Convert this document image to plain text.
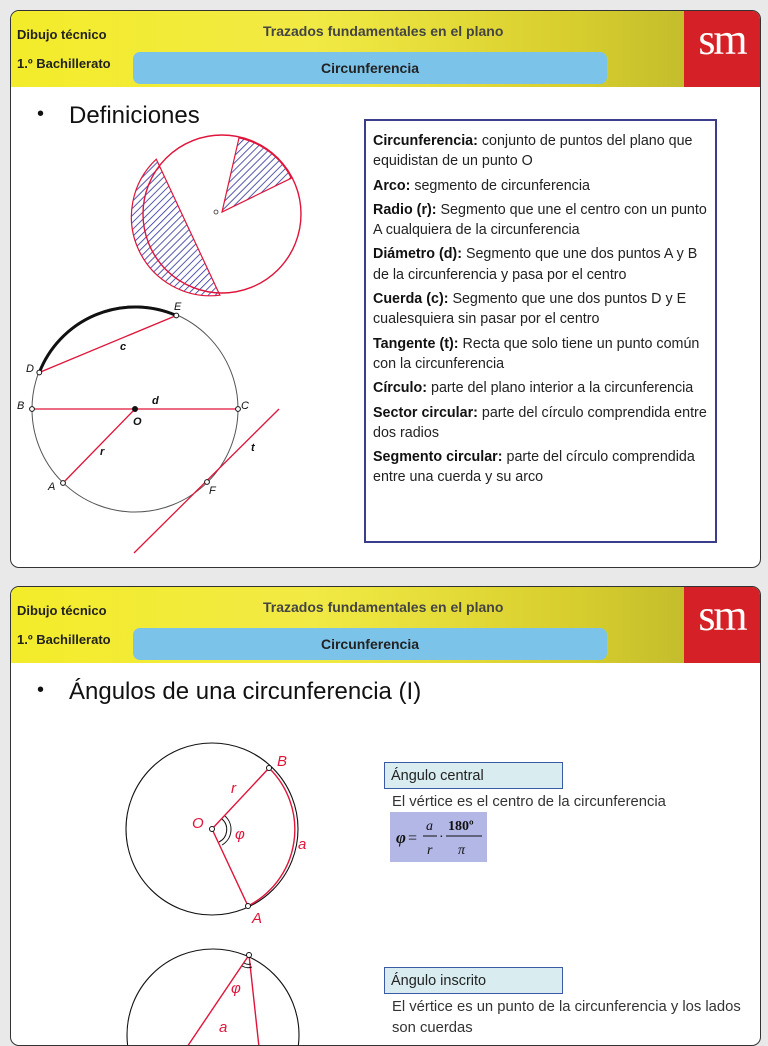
Dibujo técnico
1.º Bachillerato
Trazados fundamentales en el plano
Circunferencia
sm
• Definiciones
E
D
c
B	d	C
O
r	t
A	F
Circunferencia: conjunto de puntos del plano que equidistan de un punto O
Arco: segmento de circunferencia
Radio (r): Segmento que une el centro con un punto A cualquiera de la circunferencia
Diámetro (d): Segmento que une dos puntos A y B de la circunferencia y pasa por el centro
Cuerda (c): Segmento que une dos puntos D y E cualesquiera sin pasar por el centro
Tangente (t): Recta que solo tiene un punto común con la circunferencia
Círculo: parte del plano interior a la circunferencia
Sector circular: parte del círculo comprendida entre dos radios
Segmento circular: parte del círculo comprendida entre una cuerda y su arco
Dibujo técnico
1.º Bachillerato
Trazados fundamentales en el plano
Circunferencia
sm
• Ángulos de una circunferencia (I)
B
r
O
φ
a
A
φ
a
Ángulo central
El vértice es el centro de la circunferencia
φ =
a
r
·
180º
π
Ángulo inscrito
El vértice es un punto de la circunferencia y los lados son cuerdas
